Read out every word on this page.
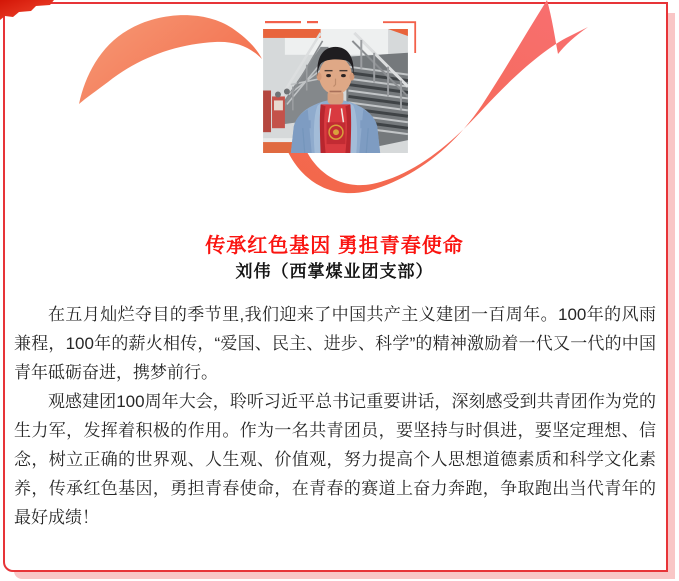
传承红色基因 勇担青春使命
刘伟（西掌煤业团支部）

在五月灿烂夺目的季节里,我们迎来了中国共产主义建团一百周年。100年的风雨兼程，100年的薪火相传，“爱国、民主、进步、科学”的精神激励着一代又一代的中国青年砥砺奋进，携梦前行。

观感建团100周年大会，聆听习近平总书记重要讲话，深刻感受到共青团作为党的生力军，发挥着积极的作用。作为一名共青团员，要坚持与时俱进，要坚定理想、信念，树立正确的世界观、人生观、价值观，努力提高个人思想道德素质和科学文化素养，传承红色基因，勇担青春使命，在青春的赛道上奋力奔跑，争取跑出当代青年的最好成绩！
